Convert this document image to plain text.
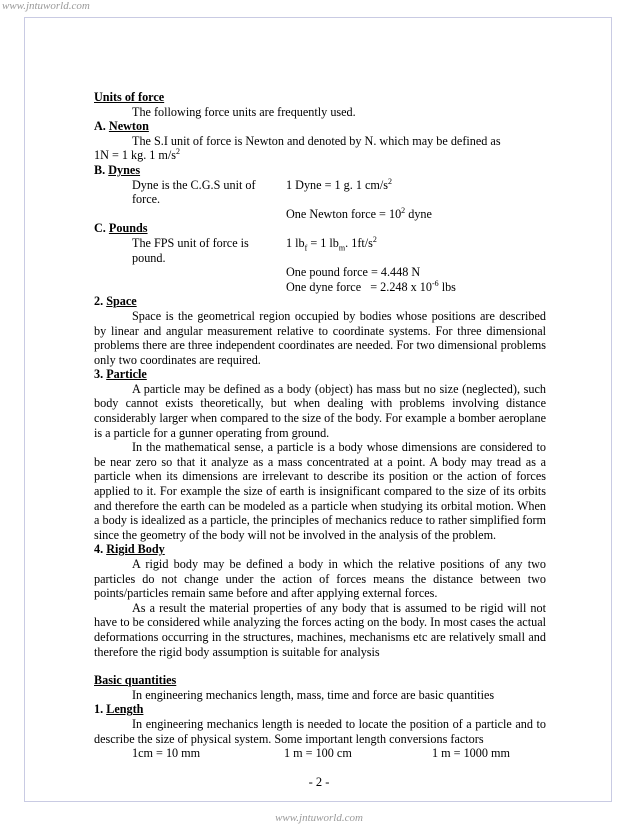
www.jntuworld.com

Units of force

The following force units are frequently used.

A. Newton

The S.I unit of force is Newton and denoted by N. which may be defined as

1N = 1 kg. 1 $m/s^2$

B. Dynes

Dyne is the C.G.S unit of force.
1 Dyne = 1 g. 1 $cm/s^2$
One Newton force = $10^2$ dyne

C. Pounds

The FPS unit of force is pound.
1 $lb_f = 1$ $lb_m$. $1ft/s^2$
One pound force = 4.448 N
One dyne force   = 2.248 x $10^{-6}$ lbs

2. Space

Space is the geometrical region occupied by bodies whose positions are described by linear and angular measurement relative to coordinate systems. For three dimensional problems there are three independent coordinates are needed. For two dimensional problems only two coordinates are required.

3. Particle

A particle may be defined as a body (object) has mass but no size (neglected), such body cannot exists theoretically, but when dealing with problems involving distance considerably larger when compared to the size of the body. For example a bomber aeroplane is a particle for a gunner operating from ground.

In the mathematical sense, a particle is a body whose dimensions are considered to be near zero so that it analyze as a mass concentrated at a point. A body may tread as a particle when its dimensions are irrelevant to describe its position or the action of forces applied to it. For example the size of earth is insignificant compared to the size of its orbits and therefore the earth can be modeled as a particle when studying its orbital motion. When a body is idealized as a particle, the principles of mechanics reduce to rather simplified form since the geometry of the body will not be involved in the analysis of the problem.

4. Rigid Body

A rigid body may be defined a body in which the relative positions of any two particles do not change under the action of forces means the distance between two points/particles remain same before and after applying external forces.

As a result the material properties of any body that is assumed to be rigid will not have to be considered while analyzing the forces acting on the body. In most cases the actual deformations occurring in the structures, machines, mechanisms etc are relatively small and therefore the rigid body assumption is suitable for analysis

Basic quantities

In engineering mechanics length, mass, time and force are basic quantities

1. Length

In engineering mechanics length is needed to locate the position of a particle and to describe the size of physical system. Some important length conversions factors

1cm = 10 mm	1 m = 100 cm	1 m = 1000 mm
- 2 -
www.jntuworld.com
